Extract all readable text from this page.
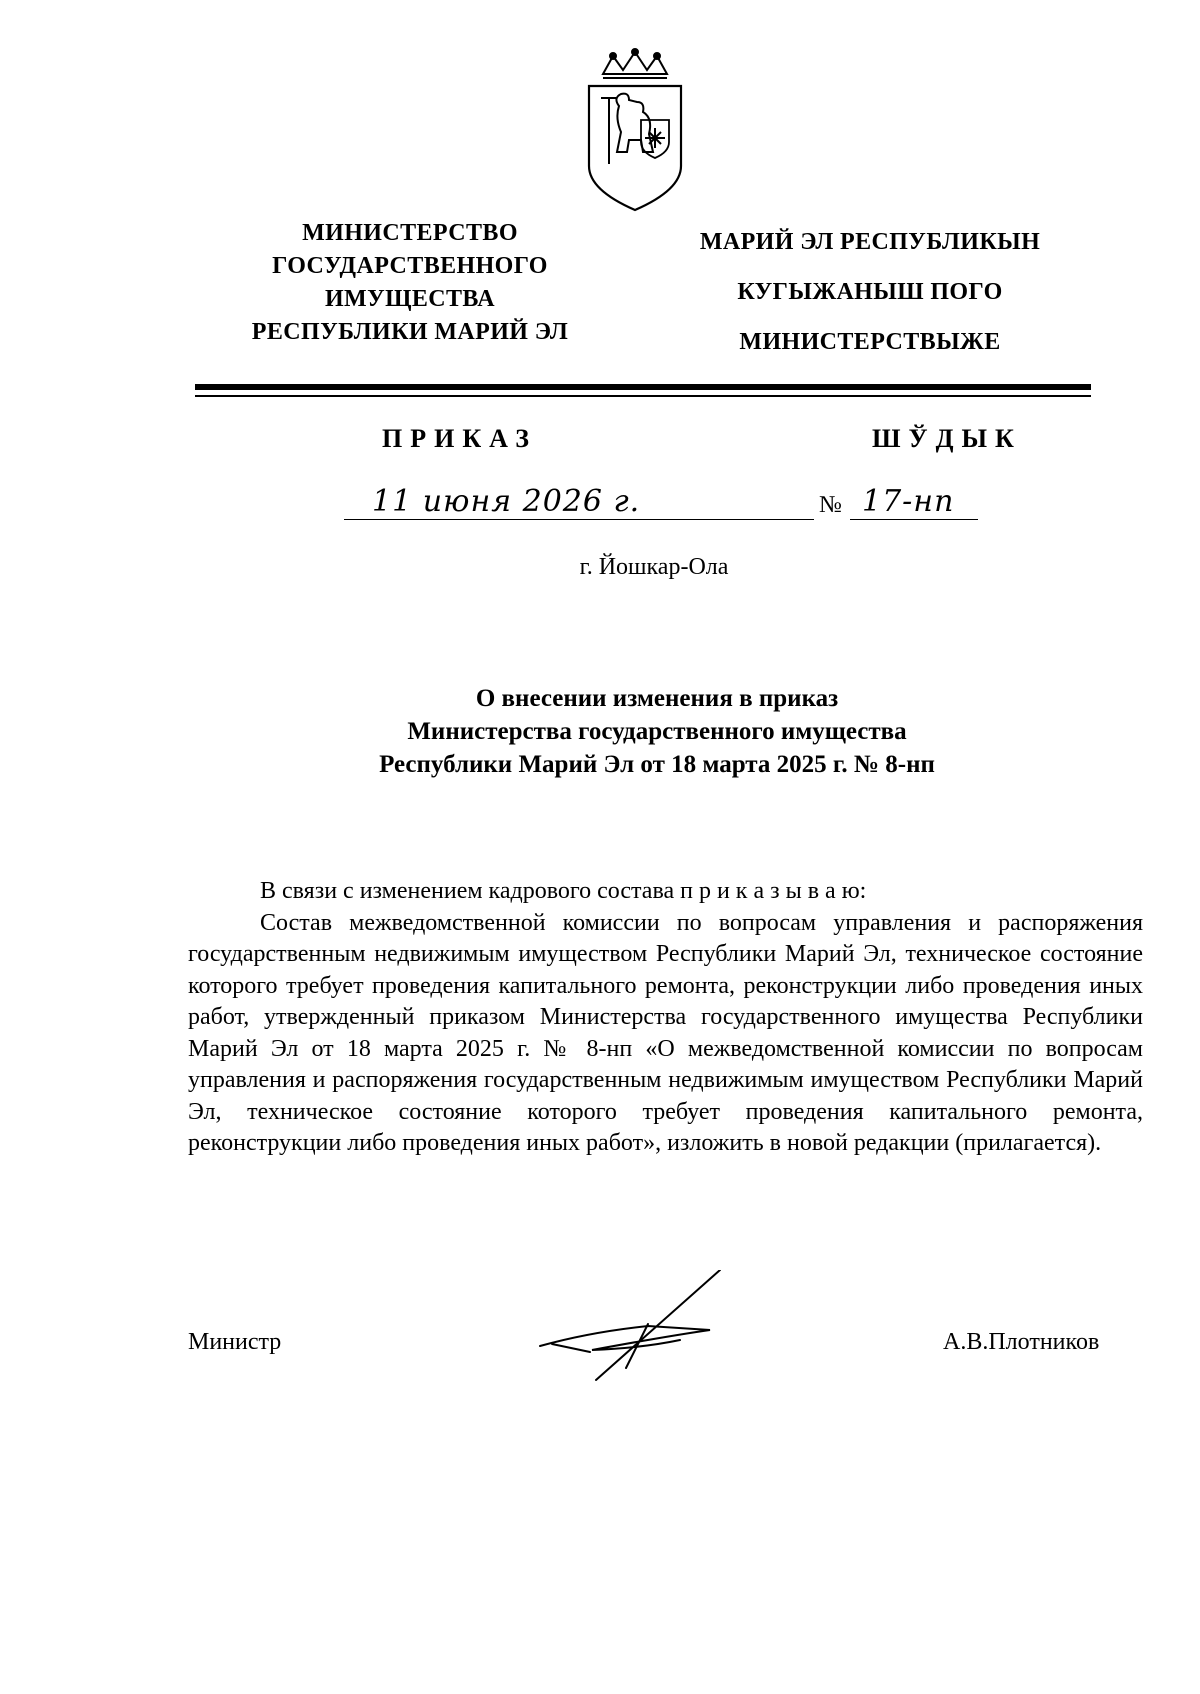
МИНИСТЕРСТВО
ГОСУДАРСТВЕННОГО
ИМУЩЕСТВА
РЕСПУБЛИКИ МАРИЙ ЭЛ
МАРИЙ ЭЛ РЕСПУБЛИКЫН
КУГЫЖАНЫШ ПОГО
МИНИСТЕРСТВЫЖЕ
ПРИКАЗ	ШЎДЫК
11 июня 2026 г.	№ 17-нп
г. Йошкар-Ола
О внесении изменения в приказ
Министерства государственного имущества
Республики Марий Эл от 18 марта 2025 г. № 8-нп
В связи с изменением кадрового состава п р и к а з ы в а ю:
Состав межведомственной комиссии по вопросам управления и распоряжения государственным недвижимым имуществом Республики Марий Эл, техническое состояние которого требует проведения капитального ремонта, реконструкции либо проведения иных работ, утвержденный приказом Министерства государственного имущества Республики Марий Эл от 18 марта 2025 г. № 8-нп «О межведомственной комиссии по вопросам управления и распоряжения государственным недвижимым имуществом Республики Марий Эл, техническое состояние которого требует проведения капитального ремонта, реконструкции либо проведения иных работ», изложить в новой редакции (прилагается).
Министр	А.В.Плотников
